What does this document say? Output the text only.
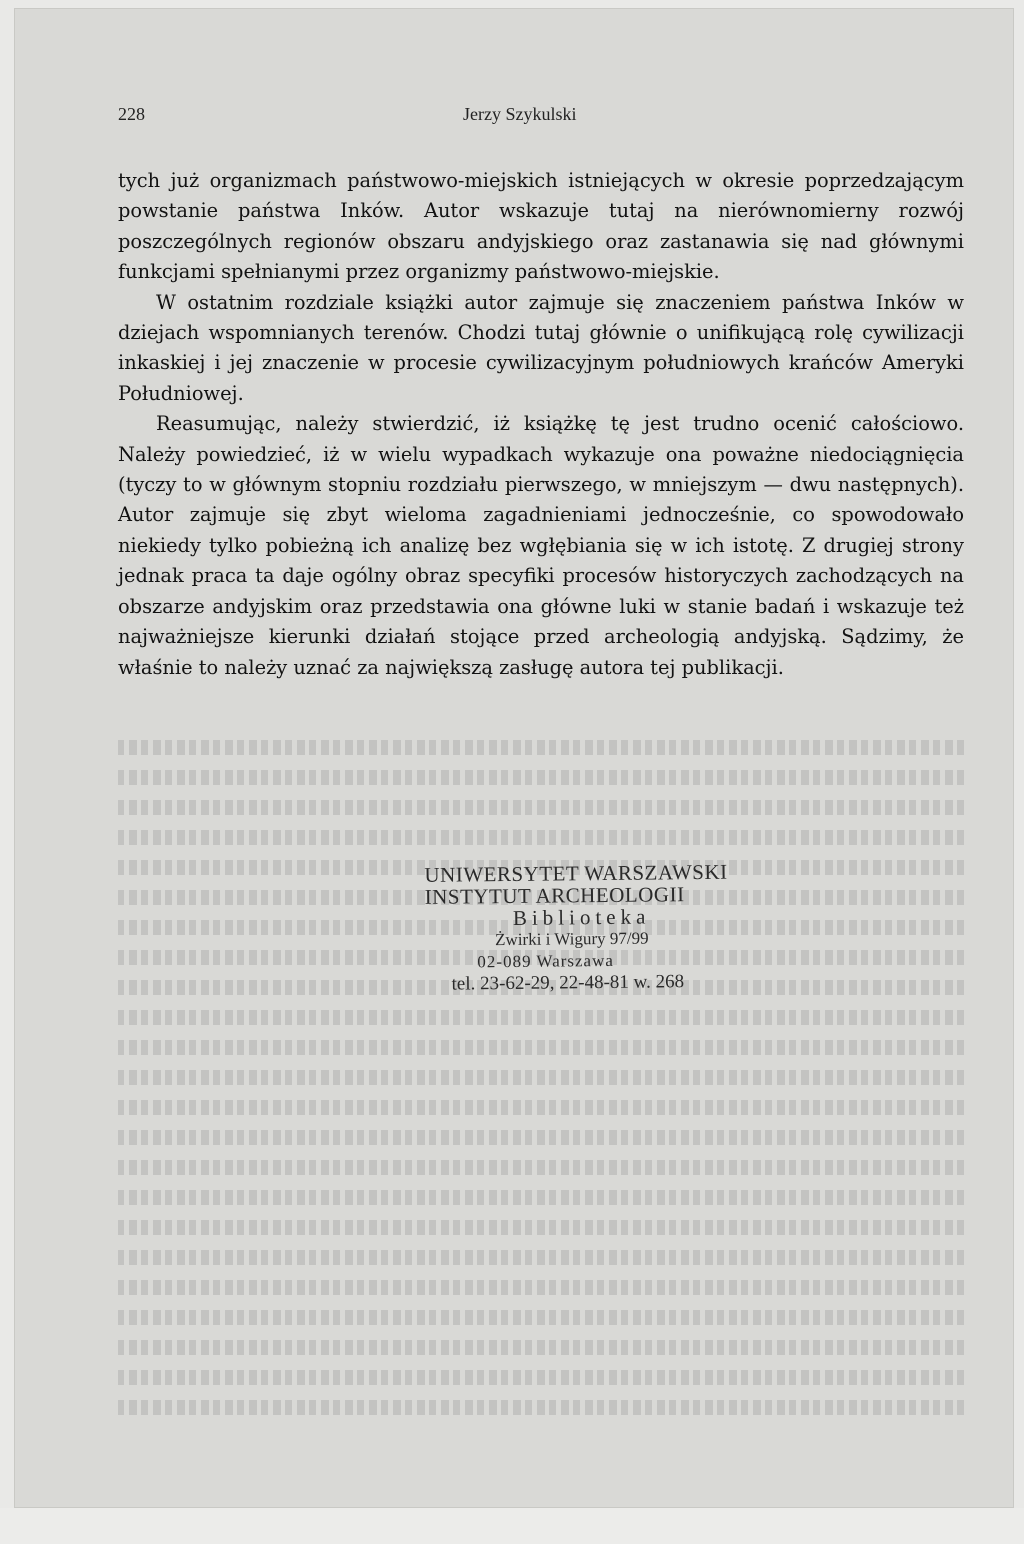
228	Jerzy Szykulski

tych już organizmach państwowo-miejskich istniejących w okresie poprzedzającym powstanie państwa Inków. Autor wskazuje tutaj na nierównomierny rozwój poszczególnych regionów obszaru andyjskiego oraz zastanawia się nad głównymi funkcjami spełnianymi przez organizmy państwowo-miejskie.

W ostatnim rozdziale książki autor zajmuje się znaczeniem państwa Inków w dziejach wspomnianych terenów. Chodzi tutaj głównie o unifikującą rolę cywilizacji inkaskiej i jej znaczenie w procesie cywilizacyjnym południowych krańców Ameryki Południowej.

Reasumując, należy stwierdzić, iż książkę tę jest trudno ocenić całościowo. Należy powiedzieć, iż w wielu wypadkach wykazuje ona poważne niedociągnięcia (tyczy to w głównym stopniu rozdziału pierwszego, w mniejszym — dwu następnych). Autor zajmuje się zbyt wieloma zagadnieniami jednocześnie, co spowodowało niekiedy tylko pobieżną ich analizę bez wgłębiania się w ich istotę. Z drugiej strony jednak praca ta daje ogólny obraz specyfiki procesów historyczych zachodzących na obszarze andyjskim oraz przedstawia ona główne luki w stanie badań i wskazuje też najważniejsze kierunki działań stojące przed archeologią andyjską. Sądzimy, że właśnie to należy uznać za największą zasługę autora tej publikacji.

UNIWERSYTET WARSZAWSKI
INSTYTUT ARCHEOLOGII
Biblioteka
Żwirki i Wigury 97/99
02-089 Warszawa
tel. 23-62-29, 22-48-81 w. 268
